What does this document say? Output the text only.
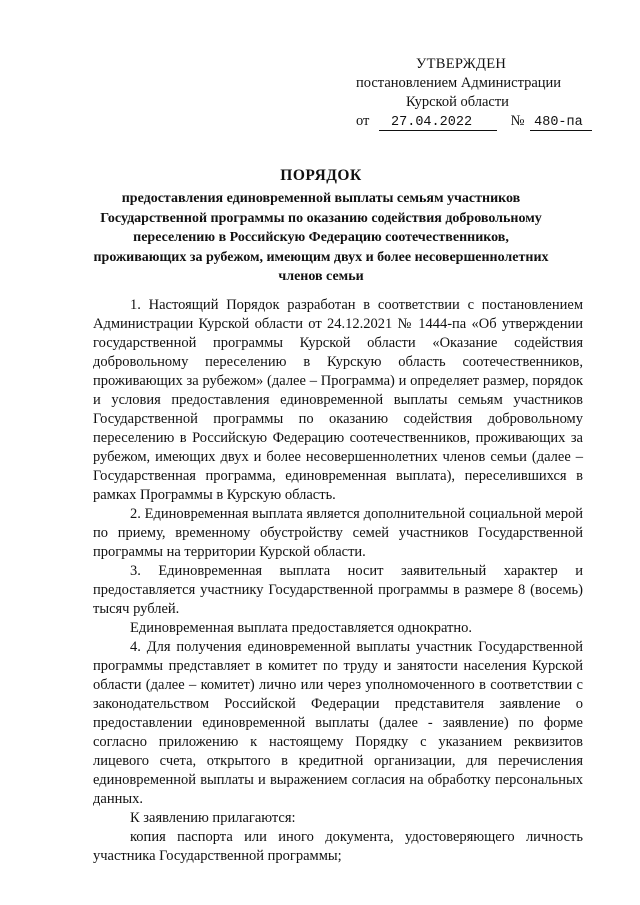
УТВЕРЖДЕН
постановлением Администрации
Курской области
от 27.04.2022	№ 480-па
ПОРЯДОК
предоставления единовременной выплаты семьям участников Государственной программы по оказанию содействия добровольному переселению в Российскую Федерацию соотечественников, проживающих за рубежом, имеющим двух и более несовершеннолетних членов семьи

1. Настоящий Порядок разработан в соответствии с постановлением Администрации Курской области от 24.12.2021 № 1444-па «Об утверждении государственной программы Курской области «Оказание содействия добровольному переселению в Курскую область соотечественников, проживающих за рубежом» (далее – Программа) и определяет размер, порядок и условия предоставления единовременной выплаты семьям участников Государственной программы по оказанию содействия добровольному переселению в Российскую Федерацию соотечественников, проживающих за рубежом, имеющих двух и более несовершеннолетних членов семьи (далее – Государственная программа, единовременная выплата), переселившихся в рамках Программы в Курскую область.

2. Единовременная выплата является дополнительной социальной мерой по приему, временному обустройству семей участников Государственной программы на территории Курской области.

3. Единовременная выплата носит заявительный характер и предоставляется участнику Государственной программы в размере 8 (восемь) тысяч рублей.

Единовременная выплата предоставляется однократно.

4. Для получения единовременной выплаты участник Государственной программы представляет в комитет по труду и занятости населения Курской области (далее – комитет) лично или через уполномоченного в соответствии с законодательством Российской Федерации представителя заявление о предоставлении единовременной выплаты (далее - заявление) по форме согласно приложению к настоящему Порядку с указанием реквизитов лицевого счета, открытого в кредитной организации, для перечисления единовременной выплаты и выражением согласия на обработку персональных данных.

К заявлению прилагаются:

копия паспорта или иного документа, удостоверяющего личность участника Государственной программы;
